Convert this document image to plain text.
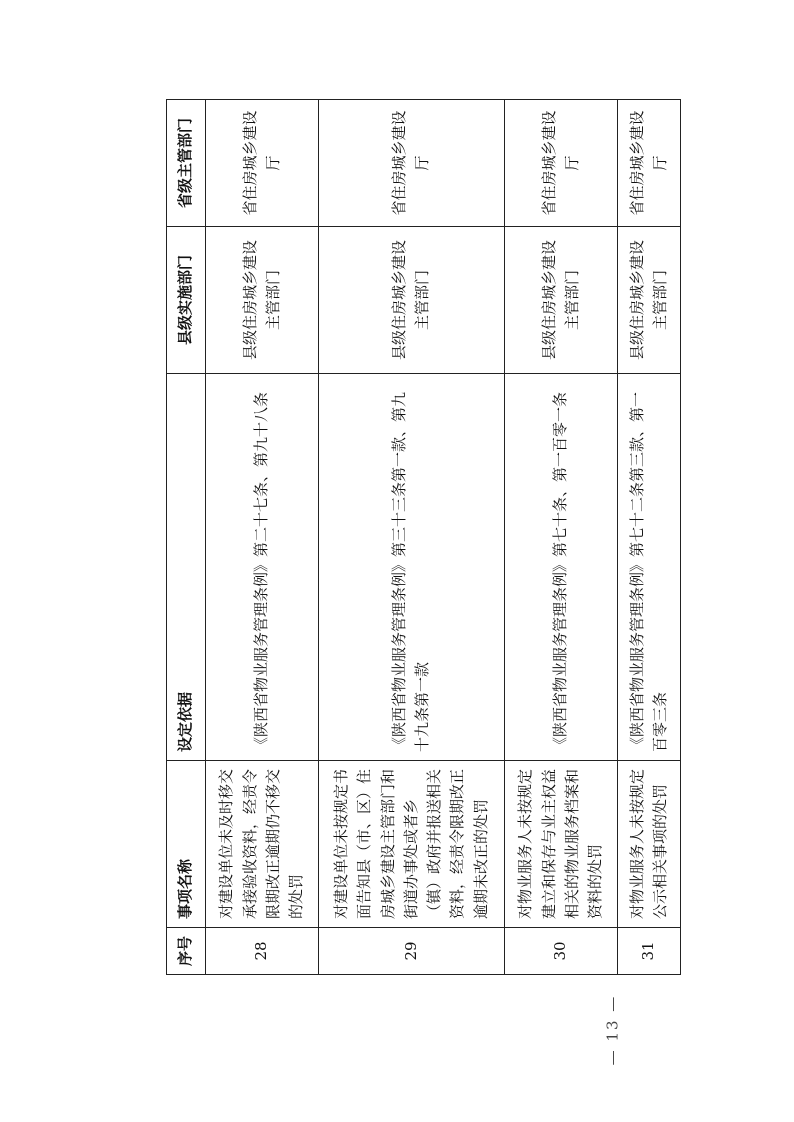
序号	事项名称	设定依据	县级实施部门	省级主管部门
28	对建设单位未及时移交承接验收资料，经责令限期改正逾期仍不移交的处罚	《陕西省物业服务管理条例》第二十七条、第九十八条	县级住房城乡建设主管部门	省住房城乡建设厅
29	对建设单位未按规定书面告知县（市、区）住房城乡建设主管部门和街道办事处或者乡（镇）政府并报送相关资料，经责令限期改正逾期未改正的处罚	《陕西省物业服务管理条例》第三十三条第一款、第九十九条第一款	县级住房城乡建设主管部门	省住房城乡建设厅
30	对物业服务人未按规定建立和保存与业主权益相关的物业服务档案和资料的处罚	《陕西省物业服务管理条例》第七十条、第一百零一条	县级住房城乡建设主管部门	省住房城乡建设厅
31	对物业服务人未按规定公示相关事项的处罚	《陕西省物业服务管理条例》第七十二条第三款、第一百零三条	县级住房城乡建设主管部门	省住房城乡建设厅
— 13 —
